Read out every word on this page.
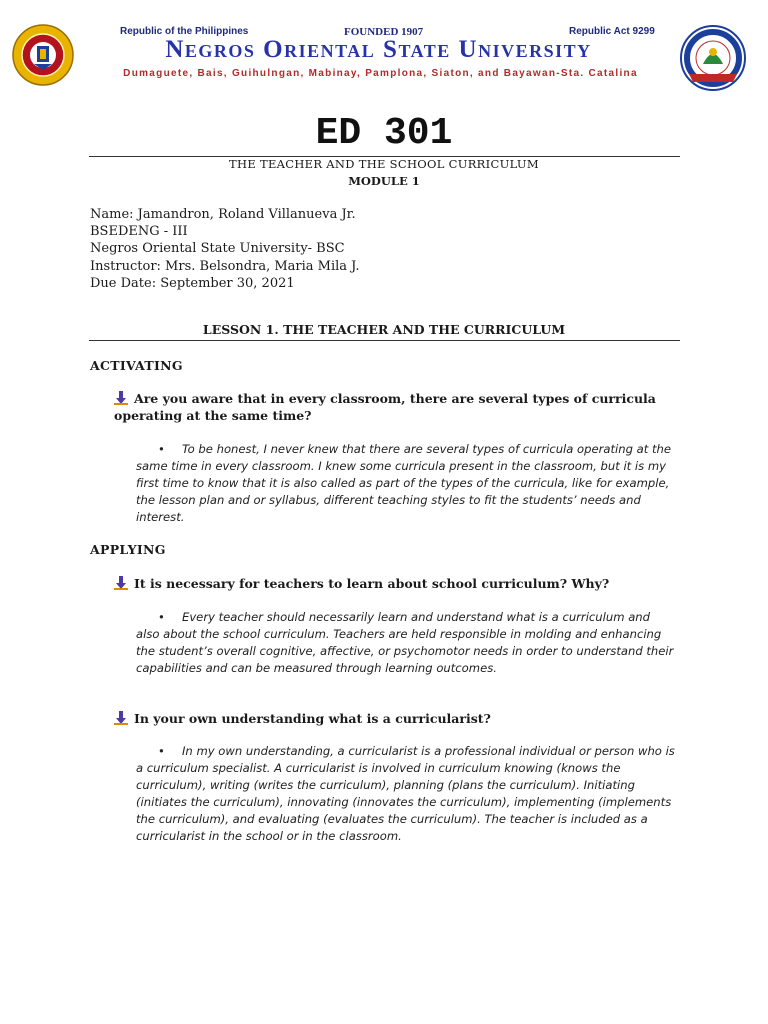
Republic of the Philippines	FOUNDED 1907	Republic Act 9299
Negros Oriental State University
Dumaguete, Bais, Guihulngan, Mabinay, Pamplona, Siaton, and Bayawan-Sta. Catalina
ED 301
THE TEACHER AND THE SCHOOL CURRICULUM
MODULE 1
Name: Jamandron, Roland Villanueva Jr.
BSEDENG - III
Negros Oriental State University- BSC
Instructor: Mrs. Belsondra, Maria Mila J.
Due Date: September 30, 2021
LESSON 1. THE TEACHER AND THE CURRICULUM
ACTIVATING
Are you aware that in every classroom, there are several types of curricula operating at the same time?
• To be honest, I never knew that there are several types of curricula operating at the same time in every classroom. I knew some curricula present in the classroom, but it is my first time to know that it is also called as part of the types of the curricula, like for example, the lesson plan and or syllabus, different teaching styles to fit the students’ needs and interest.
APPLYING
It is necessary for teachers to learn about school curriculum? Why?
• Every teacher should necessarily learn and understand what is a curriculum and also about the school curriculum. Teachers are held responsible in molding and enhancing the student’s overall cognitive, affective, or psychomotor needs in order to understand their capabilities and can be measured through learning outcomes.
In your own understanding what is a curricularist?
• In my own understanding, a curricularist is a professional individual or person who is a curriculum specialist. A curricularist is involved in curriculum knowing (knows the curriculum), writing (writes the curriculum), planning (plans the curriculum). Initiating (initiates the curriculum), innovating (innovates the curriculum), implementing (implements the curriculum), and evaluating (evaluates the curriculum). The teacher is included as a curricularist in the school or in the classroom.
